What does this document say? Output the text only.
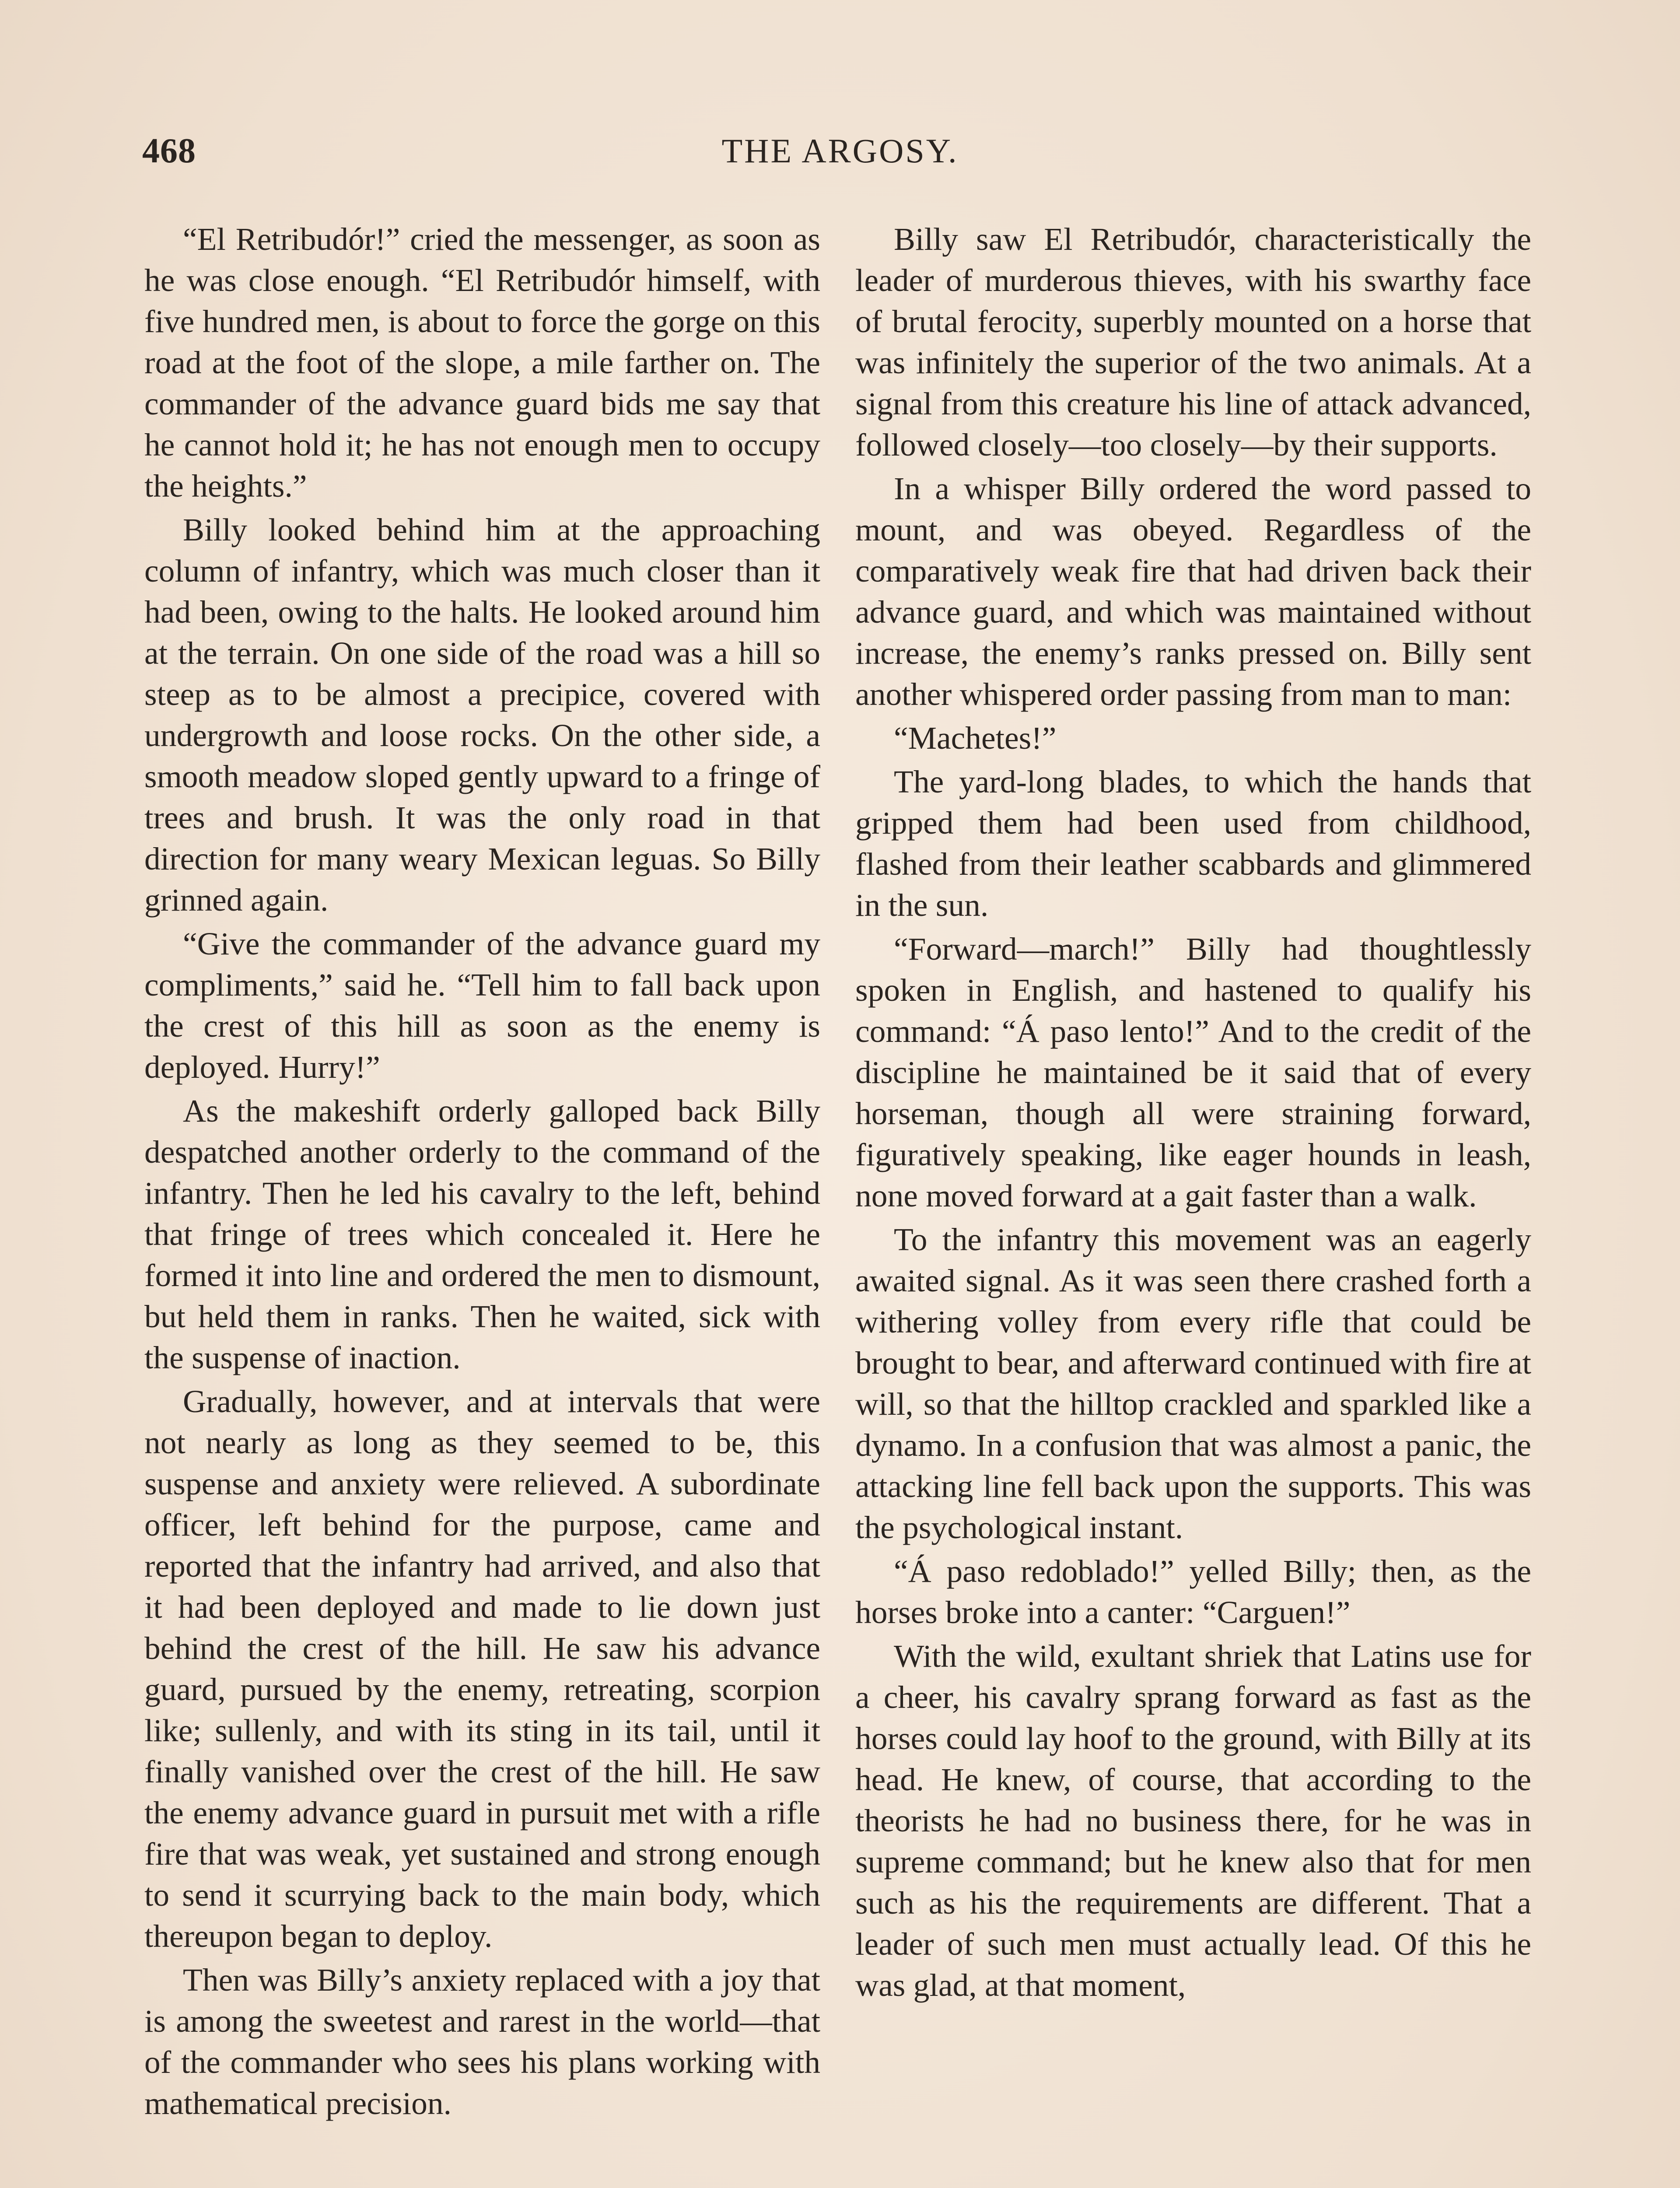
468	THE ARGOSY.

“El Retribudór!” cried the messenger, as soon as he was close enough. “El Retribudór himself, with five hundred men, is about to force the gorge on this road at the foot of the slope, a mile farther on. The commander of the advance guard bids me say that he cannot hold it; he has not enough men to occupy the heights.”

Billy looked behind him at the approaching column of infantry, which was much closer than it had been, owing to the halts. He looked around him at the terrain. On one side of the road was a hill so steep as to be almost a precipice, covered with undergrowth and loose rocks. On the other side, a smooth meadow sloped gently upward to a fringe of trees and brush. It was the only road in that direction for many weary Mexican leguas. So Billy grinned again.

“Give the commander of the advance guard my compliments,” said he. “Tell him to fall back upon the crest of this hill as soon as the enemy is deployed. Hurry!”

As the makeshift orderly galloped back Billy despatched another orderly to the command of the infantry. Then he led his cavalry to the left, behind that fringe of trees which concealed it. Here he formed it into line and ordered the men to dismount, but held them in ranks. Then he waited, sick with the suspense of inaction.

Gradually, however, and at intervals that were not nearly as long as they seemed to be, this suspense and anxiety were relieved. A subordinate officer, left behind for the purpose, came and reported that the infantry had arrived, and also that it had been deployed and made to lie down just behind the crest of the hill. He saw his advance guard, pursued by the enemy, retreating, scorpion like; sullenly, and with its sting in its tail, until it finally vanished over the crest of the hill. He saw the enemy advance guard in pursuit met with a rifle fire that was weak, yet sustained and strong enough to send it scurrying back to the main body, which thereupon began to deploy.

Then was Billy’s anxiety replaced with a joy that is among the sweetest and rarest in the world—that of the commander who sees his plans working with mathematical precision.

Billy saw El Retribudór, characteristically the leader of murderous thieves, with his swarthy face of brutal ferocity, superbly mounted on a horse that was infinitely the superior of the two animals. At a signal from this creature his line of attack advanced, followed closely—too closely—by their supports.

In a whisper Billy ordered the word passed to mount, and was obeyed. Regardless of the comparatively weak fire that had driven back their advance guard, and which was maintained without increase, the enemy’s ranks pressed on. Billy sent another whispered order passing from man to man:

“Machetes!”

The yard-long blades, to which the hands that gripped them had been used from childhood, flashed from their leather scabbards and glimmered in the sun.

“Forward—march!” Billy had thoughtlessly spoken in English, and hastened to qualify his command: “Á paso lento!” And to the credit of the discipline he maintained be it said that of every horseman, though all were straining forward, figuratively speaking, like eager hounds in leash, none moved forward at a gait faster than a walk.

To the infantry this movement was an eagerly awaited signal. As it was seen there crashed forth a withering volley from every rifle that could be brought to bear, and afterward continued with fire at will, so that the hilltop crackled and sparkled like a dynamo. In a confusion that was almost a panic, the attacking line fell back upon the supports. This was the psychological instant.

“Á paso redoblado!” yelled Billy; then, as the horses broke into a canter: “Carguen!”

With the wild, exultant shriek that Latins use for a cheer, his cavalry sprang forward as fast as the horses could lay hoof to the ground, with Billy at its head. He knew, of course, that according to the theorists he had no business there, for he was in supreme command; but he knew also that for men such as his the requirements are different. That a leader of such men must actually lead. Of this he was glad, at that moment,
